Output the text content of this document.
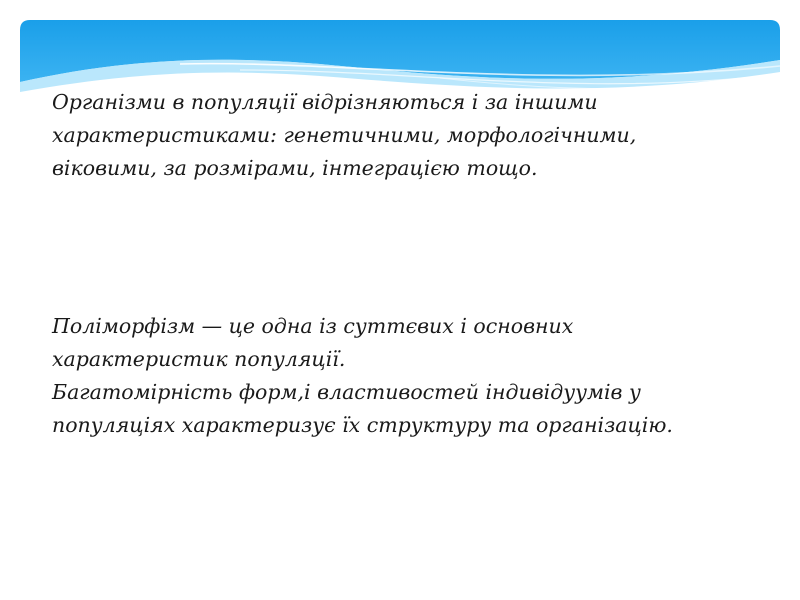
Організми в популяції відрізняються і за іншими
характеристиками: генетичними, морфологічними,
віковими, за розмірами, інтеграцією тощо.

Поліморфізм — це одна із суттєвих і основних
характеристик популяції.
Багатомірність форм,і властивостей індивідуумів у
популяціях характеризує їх структуру та організацію.
